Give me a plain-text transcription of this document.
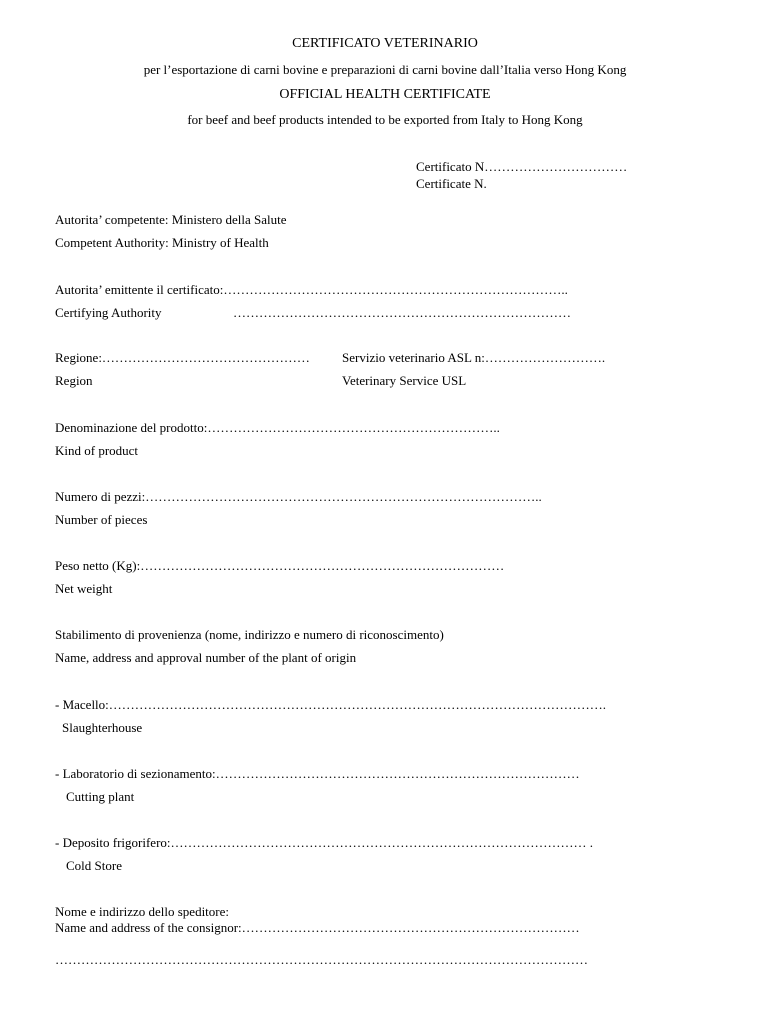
CERTIFICATO VETERINARIO
per l’esportazione di carni bovine e preparazioni di carni bovine dall’Italia verso Hong Kong
OFFICIAL HEALTH CERTIFICATE
for beef and beef products intended to be exported from Italy to Hong Kong
Certificato N……………………………
Certificate N.
Autorita’ competente: Ministero della Salute
Competent Authority: Ministry of Health
Autorita’ emittente il certificato:……………………………………………………………………..
Certifying Authority	……………………………………………………………………
Regione:…………………………………………
Region
Servizio veterinario ASL n:……………………….
Veterinary Service USL
Denominazione del prodotto:…………………………………………………………..
Kind of product
Numero di pezzi:………………………………………………………………………………..
Number of pieces
Peso netto (Kg):…………………………………………………………………………
Net weight
Stabilimento di provenienza (nome, indirizzo e numero di riconoscimento)
Name, address and approval number of the plant of origin
- Macello:…………………………………………………………………………………………………….
Slaughterhouse
- Laboratorio di sezionamento:…………………………………………………………………………
Cutting plant
- Deposito frigorifero:…………………………………………………………………………………… .
Cold Store
Nome e indirizzo dello speditore:
Name and address of the consignor:……………………………………………………………………
……………………………………………………………………………………………………………
